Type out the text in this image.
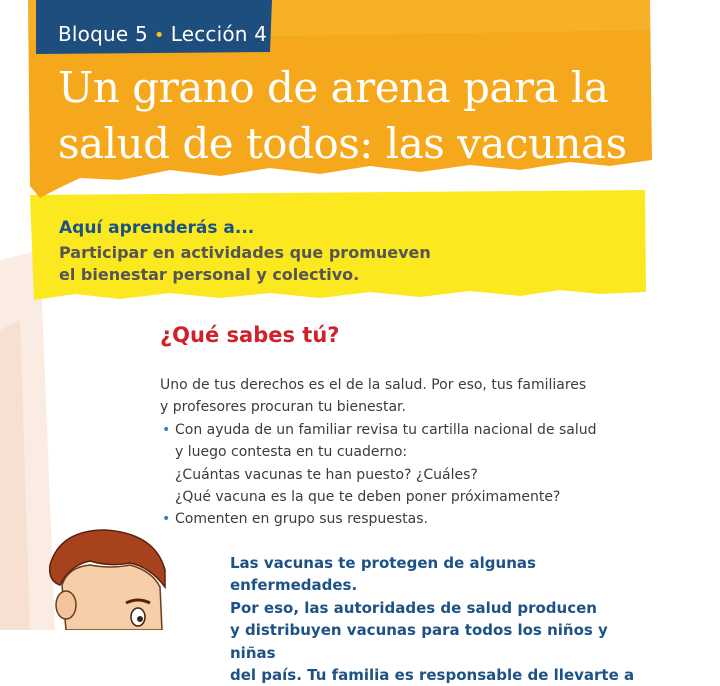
Bloque 5 • Lección 4
Un grano de arena para la
salud de todos: las vacunas

Aquí aprenderás a...

Participar en actividades que promueven
el bienestar personal y colectivo.

¿Qué sabes tú?

Uno de tus derechos es el de la salud. Por eso, tus familiares

y profesores procuran tu bienestar.

• Con ayuda de un familiar revisa tu cartilla nacional de salud

y luego contesta en tu cuaderno:

¿Cuántas vacunas te han puesto? ¿Cuáles?

¿Qué vacuna es la que te deben poner próximamente?

• Comenten en grupo sus respuestas.

Las vacunas te protegen de algunas enfermedades.
Por eso, las autoridades de salud producen
y distribuyen vacunas para todos los niños y niñas
del país. Tu familia es responsable de llevarte a
